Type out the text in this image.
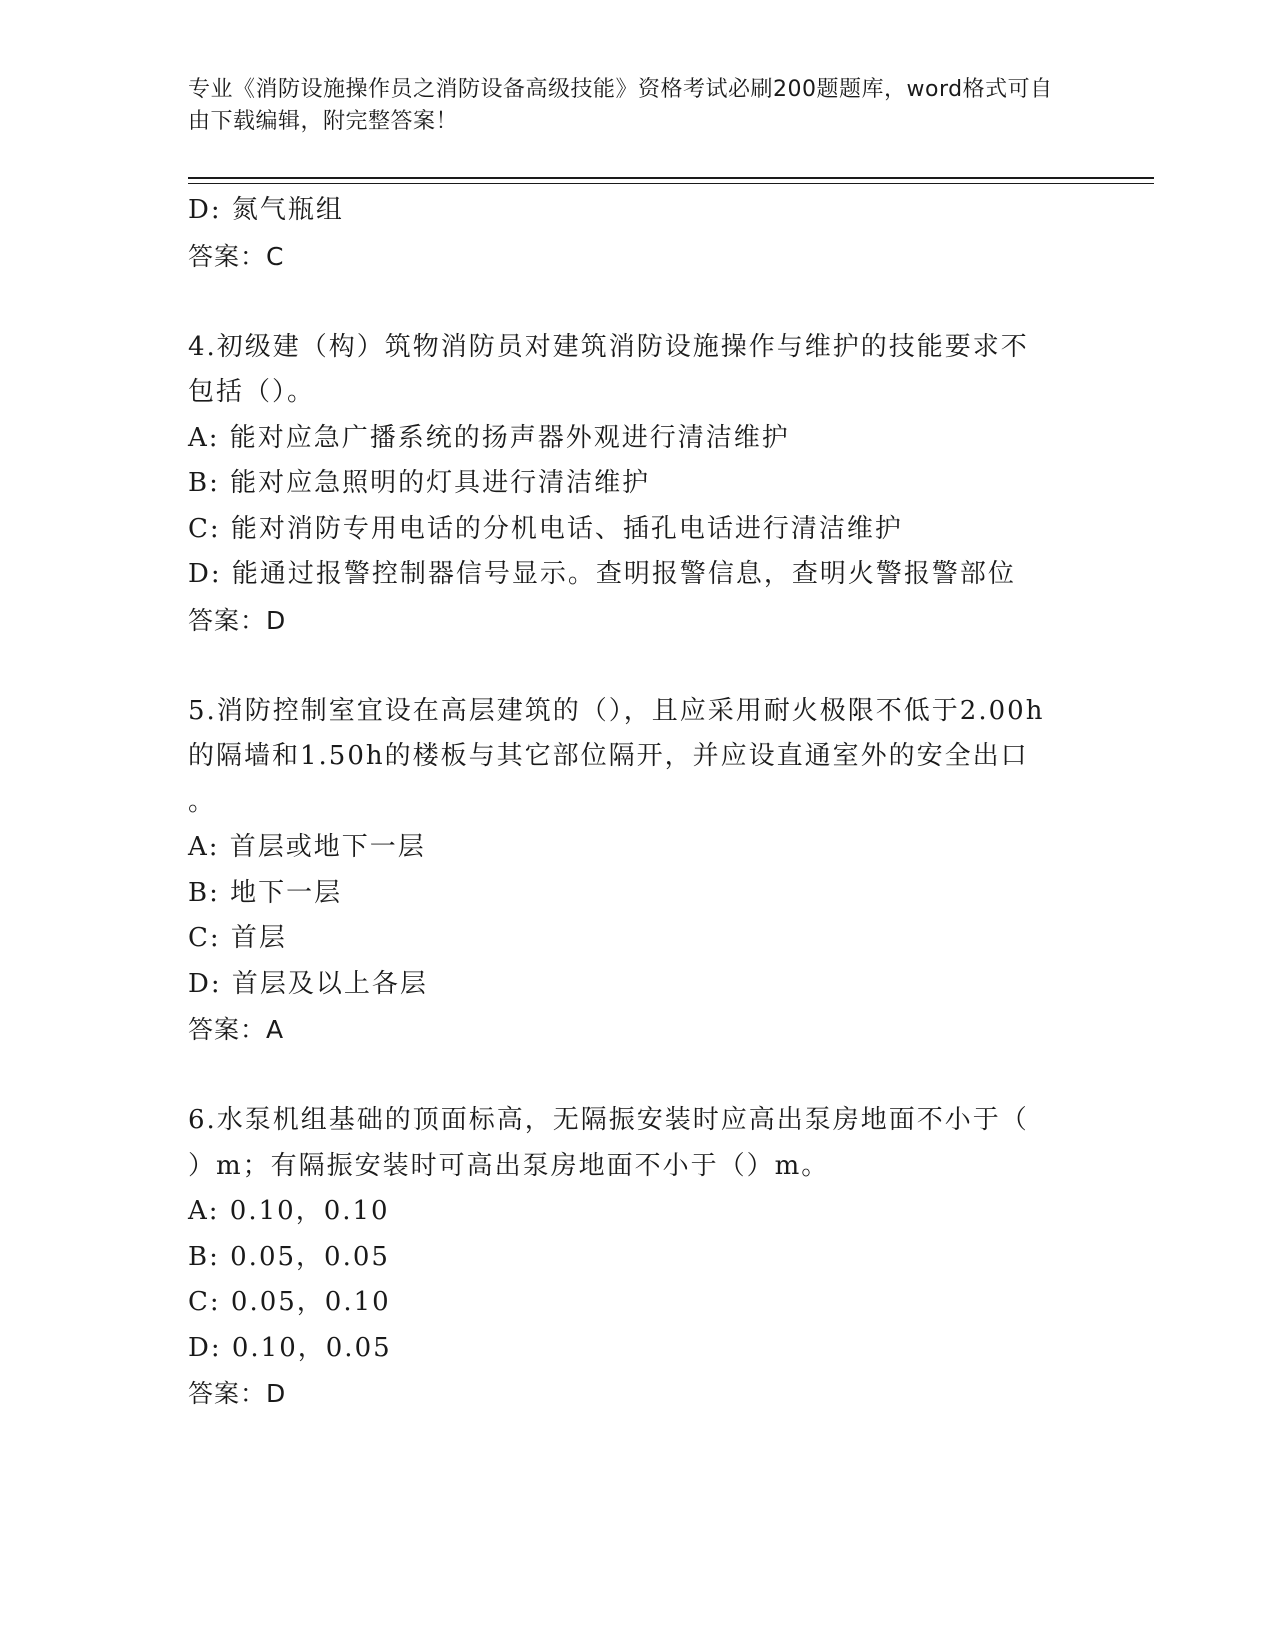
专业《消防设施操作员之消防设备高级技能》资格考试必刷200题题库，word格式可自由下载编辑，附完整答案！
D: 氮气瓶组
答案：C
4.初级建（构）筑物消防员对建筑消防设施操作与维护的技能要求不
包括（）。
A: 能对应急广播系统的扬声器外观进行清洁维护
B: 能对应急照明的灯具进行清洁维护
C: 能对消防专用电话的分机电话、插孔电话进行清洁维护
D: 能通过报警控制器信号显示。查明报警信息，查明火警报警部位
答案：D
5.消防控制室宜设在高层建筑的（），且应采用耐火极限不低于2.00h
的隔墙和1.50h的楼板与其它部位隔开，并应设直通室外的安全出口
。
A: 首层或地下一层
B: 地下一层
C: 首层
D: 首层及以上各层
答案：A
6.水泵机组基础的顶面标高，无隔振安装时应高出泵房地面不小于（
）m；有隔振安装时可高出泵房地面不小于（）m。
A: 0.10，0.10
B: 0.05，0.05
C: 0.05，0.10
D: 0.10，0.05
答案：D
